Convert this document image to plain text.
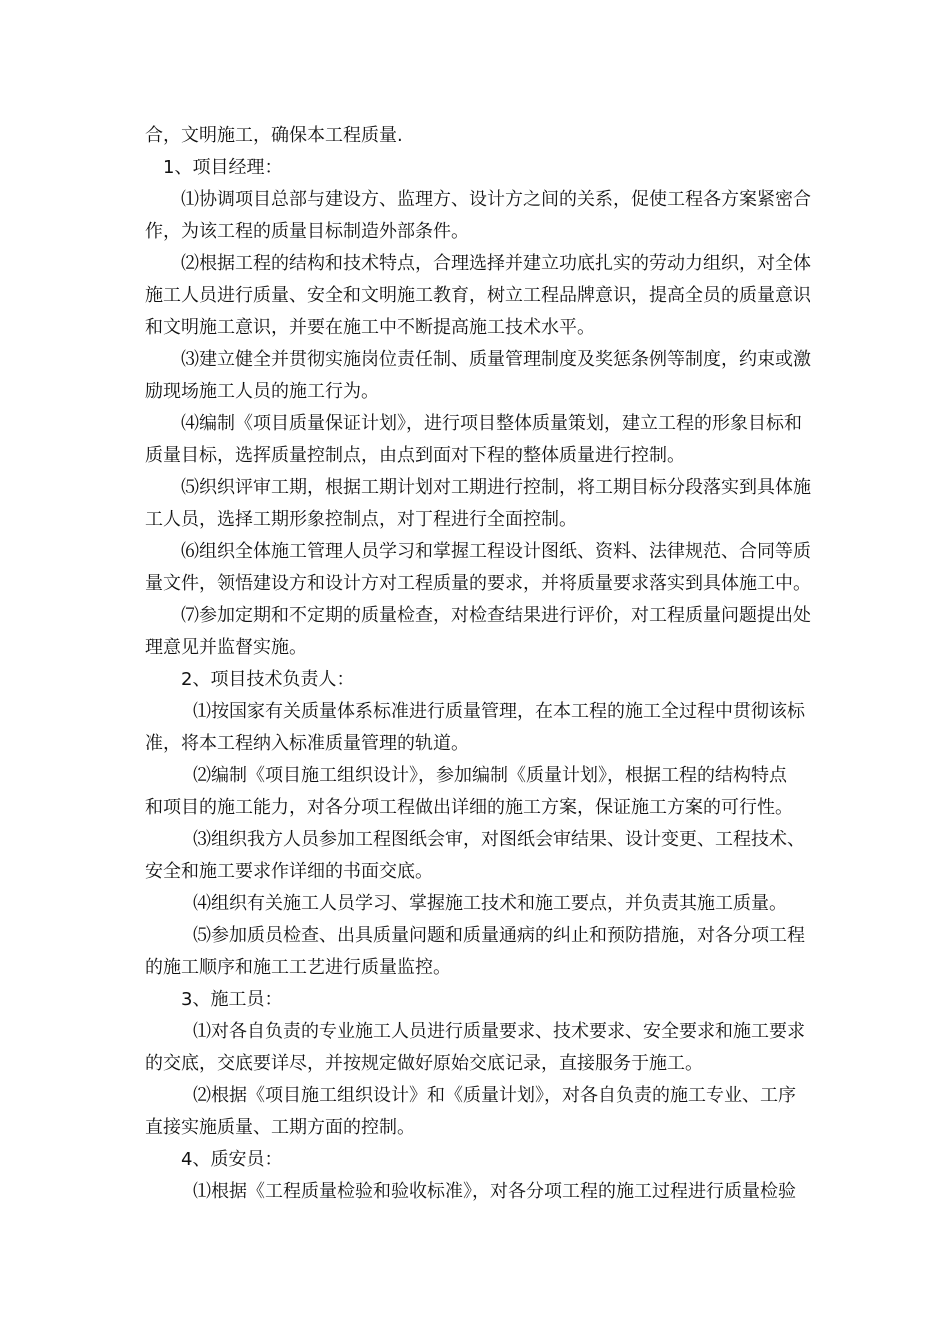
合，文明施工，确保本工程质量.
1、项目经理：
⑴协调项目总部与建设方、监理方、设计方之间的关系，促使工程各方案紧密合
作，为该工程的质量目标制造外部条件。
⑵根据工程的结构和技术特点，合理选择并建立功底扎实的劳动力组织，对全体
施工人员进行质量、安全和文明施工教育，树立工程品牌意识，提高全员的质量意识
和文明施工意识，并要在施工中不断提高施工技术水平。
⑶建立健全并贯彻实施岗位责任制、质量管理制度及奖惩条例等制度，约束或激
励现场施工人员的施工行为。
⑷编制《项目质量保证计划》，进行项目整体质量策划，建立工程的形象目标和
质量目标，选挥质量控制点，由点到面对下程的整体质量进行控制。
⑸织织评审工期，根据工期计划对工期进行控制，将工期目标分段落实到具体施
工人员，选择工期形象控制点，对丁程进行全面控制。
⑹组织全体施工管理人员学习和掌握工程设计图纸、资料、法律规范、合同等质
量文件，领悟建设方和设计方对工程质量的要求，并将质量要求落实到具体施工中。
⑺参加定期和不定期的质量检查，对检查结果进行评价，对工程质量问题提出处
理意见并监督实施。
2、项目技术负责人：
⑴按国家有关质量体系标准进行质量管理，在本工程的施工全过程中贯彻该标
准，将本工程纳入标准质量管理的轨道。
⑵编制《项目施工组织设计》，参加编制《质量计划》，根据工程的结构特点
和项目的施工能力，对各分项工程做出详细的施工方案，保证施工方案的可行性。
⑶组织我方人员参加工程图纸会审，对图纸会审结果、设计变更、工程技术、
安全和施工要求作详细的书面交底。
⑷组织有关施工人员学习、掌握施工技术和施工要点，并负责其施工质量。
⑸参加质员检查、出具质量问题和质量通病的纠止和预防措施，对各分项工程
的施工顺序和施工工艺进行质量监控。
3、施工员：
⑴对各自负责的专业施工人员进行质量要求、技术要求、安全要求和施工要求
的交底，交底要详尽，并按规定做好原始交底记录，直接服务于施工。
⑵根据《项目施工组织设计》和《质量计划》，对各自负责的施工专业、工序
直接实施质量、工期方面的控制。
4、质安员：
⑴根据《工程质量检验和验收标准》，对各分项工程的施工过程进行质量检验
